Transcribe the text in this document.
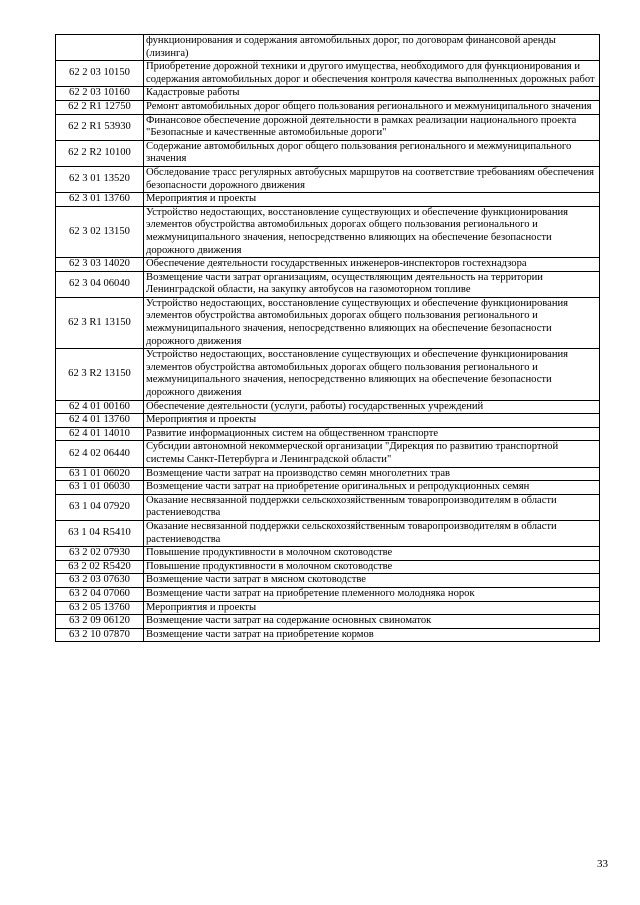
	функционирования и содержания автомобильных дорог, по договорам финансовой аренды (лизинга)
62 2 03 10150	Приобретение дорожной техники и другого имущества, необходимого для функционирования и содержания автомобильных дорог и обеспечения контроля качества выполненных дорожных работ
62 2 03 10160	Кадастровые работы
62 2 R1 12750	Ремонт автомобильных дорог общего пользования регионального и межмуниципального значения
62 2 R1 53930	Финансовое обеспечение дорожной деятельности в рамках реализации национального проекта "Безопасные и качественные автомобильные дороги"
62 2 R2 10100	Содержание автомобильных дорог общего пользования регионального и межмуниципального значения
62 3 01 13520	Обследование трасс регулярных автобусных маршрутов на соответствие требованиям обеспечения безопасности дорожного движения
62 3 01 13760	Мероприятия и проекты
62 3 02 13150	Устройство недостающих, восстановление существующих и обеспечение функционирования элементов обустройства автомобильных дорогах общего пользования регионального и межмуниципального значения, непосредственно влияющих на обеспечение безопасности дорожного движения
62 3 03 14020	Обеспечение деятельности государственных инженеров-инспекторов гостехнадзора
62 3 04 06040	Возмещение части затрат организациям, осуществляющим деятельность на территории Ленинградской области, на закупку автобусов на газомоторном топливе
62 3 R1 13150	Устройство недостающих, восстановление существующих и обеспечение функционирования элементов обустройства автомобильных дорогах общего пользования регионального и межмуниципального значения, непосредственно влияющих на обеспечение безопасности дорожного движения
62 3 R2 13150	Устройство недостающих, восстановление существующих и обеспечение функционирования элементов обустройства автомобильных дорогах общего пользования регионального и межмуниципального значения, непосредственно влияющих на обеспечение безопасности дорожного движения
62 4 01 00160	Обеспечение деятельности (услуги, работы) государственных учреждений
62 4 01 13760	Мероприятия и проекты
62 4 01 14010	Развитие информационных систем на общественном транспорте
62 4 02 06440	Субсидии автономной некоммерческой организации "Дирекция по развитию транспортной системы Санкт-Петербурга и Ленинградской области"
63 1 01 06020	Возмещение части затрат на производство семян многолетних трав
63 1 01 06030	Возмещение части затрат на приобретение оригинальных и репродукционных семян
63 1 04 07920	Оказание несвязанной поддержки сельскохозяйственным товаропроизводителям в области растениеводства
63 1 04 R5410	Оказание несвязанной поддержки сельскохозяйственным товаропроизводителям в области растениеводства
63 2 02 07930	Повышение продуктивности в молочном скотоводстве
63 2 02 R5420	Повышение продуктивности в молочном скотоводстве
63 2 03 07630	Возмещение части затрат в мясном скотоводстве
63 2 04 07060	Возмещение части затрат на приобретение племенного молодняка норок
63 2 05 13760	Мероприятия и проекты
63 2 09 06120	Возмещение части затрат на содержание основных свиноматок
63 2 10 07870	Возмещение части затрат на приобретение кормов
33
